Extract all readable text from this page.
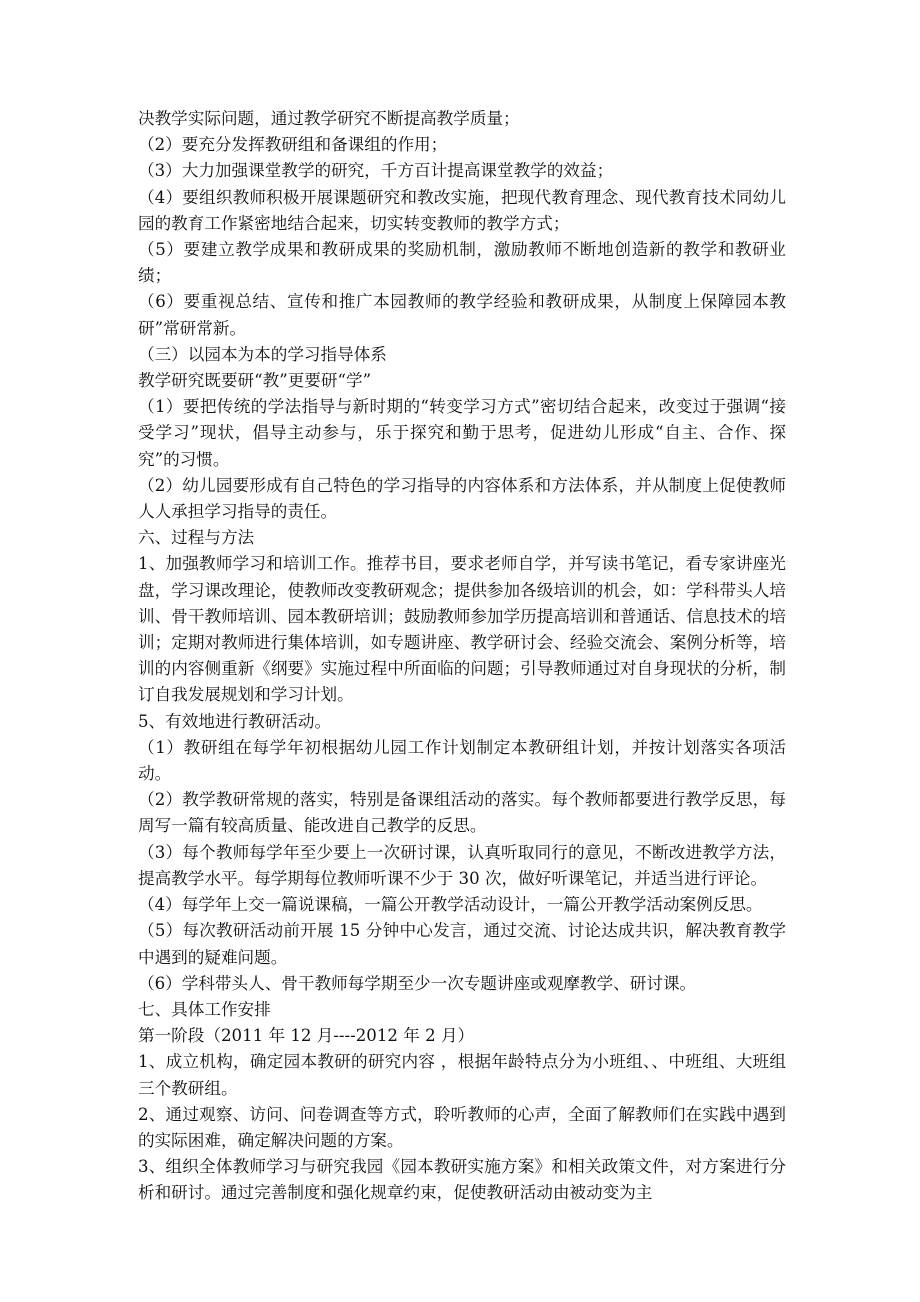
决教学实际问题，通过教学研究不断提高教学质量；

（2）要充分发挥教研组和备课组的作用；

（3）大力加强课堂教学的研究，千方百计提高课堂教学的效益；

（4）要组织教师积极开展课题研究和教改实施，把现代教育理念、现代教育技术同幼儿园的教育工作紧密地结合起来，切实转变教师的教学方式；

（5）要建立教学成果和教研成果的奖励机制，激励教师不断地创造新的教学和教研业绩；

（6）要重视总结、宣传和推广本园教师的教学经验和教研成果，从制度上保障园本教研”常研常新。

（三）以园本为本的学习指导体系

教学研究既要研“教”更要研“学”

（1）要把传统的学法指导与新时期的“转变学习方式”密切结合起来，改变过于强调“接受学习”现状，倡导主动参与，乐于探究和勤于思考，促进幼儿形成“自主、合作、探究”的习惯。

（2）幼儿园要形成有自己特色的学习指导的内容体系和方法体系，并从制度上促使教师人人承担学习指导的责任。

六、过程与方法

1、加强教师学习和培训工作。推荐书目，要求老师自学，并写读书笔记，看专家讲座光盘，学习课改理论，使教师改变教研观念；提供参加各级培训的机会，如：学科带头人培训、骨干教师培训、园本教研培训；鼓励教师参加学历提高培训和普通话、信息技术的培训；定期对教师进行集体培训，如专题讲座、教学研讨会、经验交流会、案例分析等，培训的内容侧重新《纲要》实施过程中所面临的问题；引导教师通过对自身现状的分析，制订自我发展规划和学习计划。

5、有效地进行教研活动。

（1）教研组在每学年初根据幼儿园工作计划制定本教研组计划，并按计划落实各项活动。

（2）教学教研常规的落实，特别是备课组活动的落实。每个教师都要进行教学反思，每周写一篇有较高质量、能改进自己教学的反思。

（3）每个教师每学年至少要上一次研讨课，认真听取同行的意见，不断改进教学方法，提高教学水平。每学期每位教师听课不少于 30 次，做好听课笔记，并适当进行评论。

（4）每学年上交一篇说课稿，一篇公开教学活动设计，一篇公开教学活动案例反思。

（5）每次教研活动前开展 15 分钟中心发言，通过交流、讨论达成共识，解决教育教学中遇到的疑难问题。

（6）学科带头人、骨干教师每学期至少一次专题讲座或观摩教学、研讨课。

七、具体工作安排

第一阶段（2011 年 12 月----2012 年 2 月）

1、成立机构，确定园本教研的研究内容 ，根据年龄特点分为小班组、、中班组、大班组 三个教研组。

2、通过观察、访问、问卷调查等方式，聆听教师的心声，全面了解教师们在实践中遇到的实际困难，确定解决问题的方案。

3、组织全体教师学习与研究我园《园本教研实施方案》和相关政策文件，对方案进行分析和研讨。通过完善制度和强化规章约束，促使教研活动由被动变为主
